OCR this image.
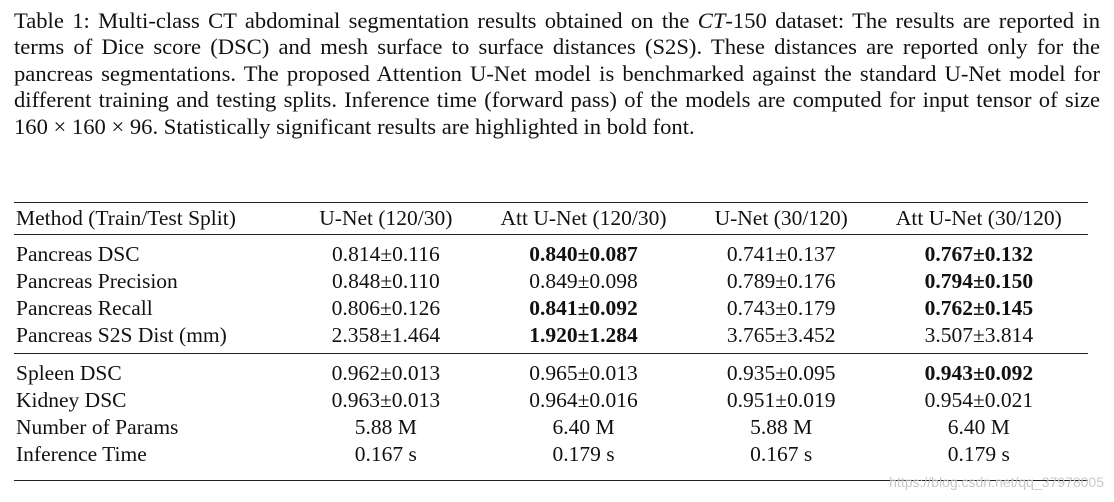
Table 1: Multi-class CT abdominal segmentation results obtained on the CT-150 dataset: The results are reported in terms of Dice score (DSC) and mesh surface to surface distances (S2S). These distances are reported only for the pancreas segmentations. The proposed Attention U-Net model is benchmarked against the standard U-Net model for different training and testing splits. Inference time (forward pass) of the models are computed for input tensor of size 160 × 160 × 96. Statistically significant results are highlighted in bold font.
Method (Train/Test Split)	U-Net (120/30)	Att U-Net (120/30)	U-Net (30/120)	Att U-Net (30/120)
Pancreas DSC	0.814±0.116	0.840±0.087	0.741±0.137	0.767±0.132
Pancreas Precision	0.848±0.110	0.849±0.098	0.789±0.176	0.794±0.150
Pancreas Recall	0.806±0.126	0.841±0.092	0.743±0.179	0.762±0.145
Pancreas S2S Dist (mm)	2.358±1.464	1.920±1.284	3.765±3.452	3.507±3.814
Spleen DSC	0.962±0.013	0.965±0.013	0.935±0.095	0.943±0.092
Kidney DSC	0.963±0.013	0.964±0.016	0.951±0.019	0.954±0.021
Number of Params	5.88 M	6.40 M	5.88 M	6.40 M
Inference Time	0.167 s	0.179 s	0.167 s	0.179 s
https://blog.csdn.net/qq_37978005
